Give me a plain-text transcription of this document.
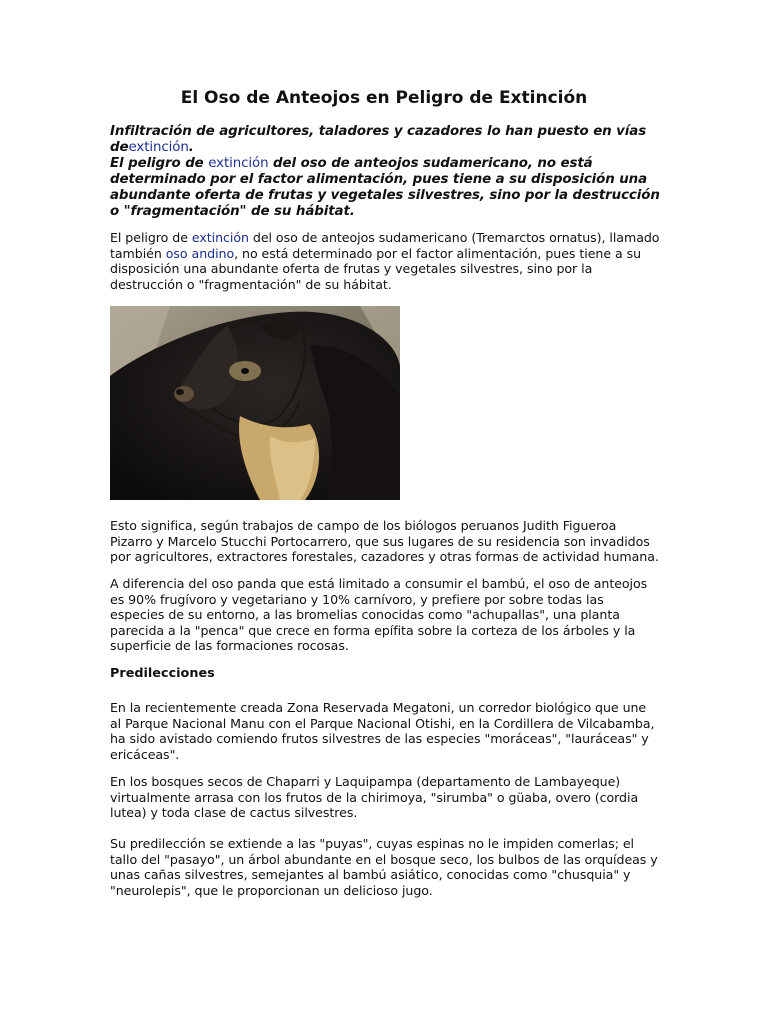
El Oso de Anteojos en Peligro de Extinción

Infiltración de agricultores, taladores y cazadores lo han puesto en vías deextinción.
El peligro de extinción del oso de anteojos sudamericano, no está determinado por el factor alimentación, pues tiene a su disposición una abundante oferta de frutas y vegetales silvestres, sino por la destrucción o "fragmentación" de su hábitat.

El peligro de extinción del oso de anteojos sudamericano (Tremarctos ornatus), llamado también oso andino, no está determinado por el factor alimentación, pues tiene a su disposición una abundante oferta de frutas y vegetales silvestres, sino por la destrucción o "fragmentación" de su hábitat.

Esto significa, según trabajos de campo de los biólogos peruanos Judith Figueroa Pizarro y Marcelo Stucchi Portocarrero, que sus lugares de su residencia son invadidos por agricultores, extractores forestales, cazadores y otras formas de actividad humana.

A diferencia del oso panda que está limitado a consumir el bambú, el oso de anteojos es 90% frugívoro y vegetariano y 10% carnívoro, y prefiere por sobre todas las especies de su entorno, a las bromelias conocidas como "achupallas", una planta parecida a la "penca" que crece en forma epífita sobre la corteza de los árboles y la superficie de las formaciones rocosas.

Predilecciones

En la recientemente creada Zona Reservada Megatoni, un corredor biológico que une al Parque Nacional Manu con el Parque Nacional Otishi, en la Cordillera de Vilcabamba, ha sido avistado comiendo frutos silvestres de las especies "moráceas", "lauráceas" y ericáceas".

En los bosques secos de Chaparri y Laquipampa (departamento de Lambayeque) virtualmente arrasa con los frutos de la chirimoya, "sirumba" o güaba, overo (cordia lutea) y toda clase de cactus silvestres.

Su predilección se extiende a las "puyas", cuyas espinas no le impiden comerlas; el tallo del "pasayo", un árbol abundante en el bosque seco, los bulbos de las orquídeas y unas cañas silvestres, semejantes al bambú asiático, conocidas como "chusquia" y "neurolepis", que le proporcionan un delicioso jugo.
